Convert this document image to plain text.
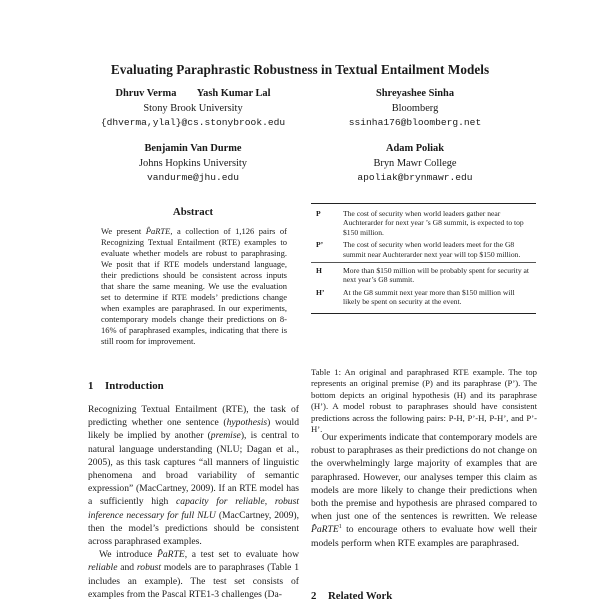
Evaluating Paraphrastic Robustness in Textual Entailment Models
Dhruv Verma        Yash Kumar Lal
Stony Brook University
{dhverma,ylal}@cs.stonybrook.edu
Shreyashee Sinha
Bloomberg
ssinha176@bloomberg.net
Benjamin Van Durme
Johns Hopkins University
vandurme@jhu.edu
Adam Poliak
Bryn Mawr College
apoliak@brynmawr.edu
Abstract
We present P̂aRTE, a collection of 1,126 pairs of Recognizing Textual Entailment (RTE) examples to evaluate whether models are robust to paraphrasing. We posit that if RTE models understand language, their predictions should be consistent across inputs that share the same meaning. We use the evaluation set to determine if RTE models’ predictions change when examples are paraphrased. In our experiments, contemporary models change their predictions on 8-16% of paraphrased examples, indicating that there is still room for improvement.
1 Introduction

Recognizing Textual Entailment (RTE), the task of predicting whether one sentence (hypothesis) would likely be implied by another (premise), is central to natural language understanding (NLU; Dagan et al., 2005), as this task captures “all manners of linguistic phenomena and broad variability of semantic expression” (MacCartney, 2009). If an RTE model has a sufficiently high capacity for reliable, robust inference necessary for full NLU (MacCartney, 2009), then the model’s predictions should be consistent across paraphrased examples.

We introduce P̂aRTE, a test set to evaluate how reliable and robust models are to paraphrases (Table 1 includes an example). The test set consists of examples from the Pascal RTE1-3 challenges (Da-

P	The cost of security when world leaders gather near Auchterarder for next year ’s G8 summit, is expected to top $150 million.
P’	The cost of security when world leaders meet for the G8 summit near Auchterarder next year will top $150 million.
H	More than $150 million will be probably spent for security at next year’s G8 summit.
H’	At the G8 summit next year more than $150 million will likely be spent on security at the event.
Table 1: An original and paraphrased RTE example. The top represents an original premise (P) and its paraphrase (P’). The bottom depicts an original hypothesis (H) and its paraphrase (H’). A model robust to paraphrases should have consistent predictions across the following pairs: P-H, P’-H, P-H’, and P’-H’.

Our experiments indicate that contemporary models are robust to paraphrases as their predictions do not change on the overwhelmingly large majority of examples that are paraphrased. However, our analyses temper this claim as models are more likely to change their predictions when both the premise and hypothesis are phrased compared to when just one of the sentences is rewritten. We release P̂aRTE$^1$ to encourage others to evaluate how well their models perform when RTE examples are paraphrased.

2 Related Work
